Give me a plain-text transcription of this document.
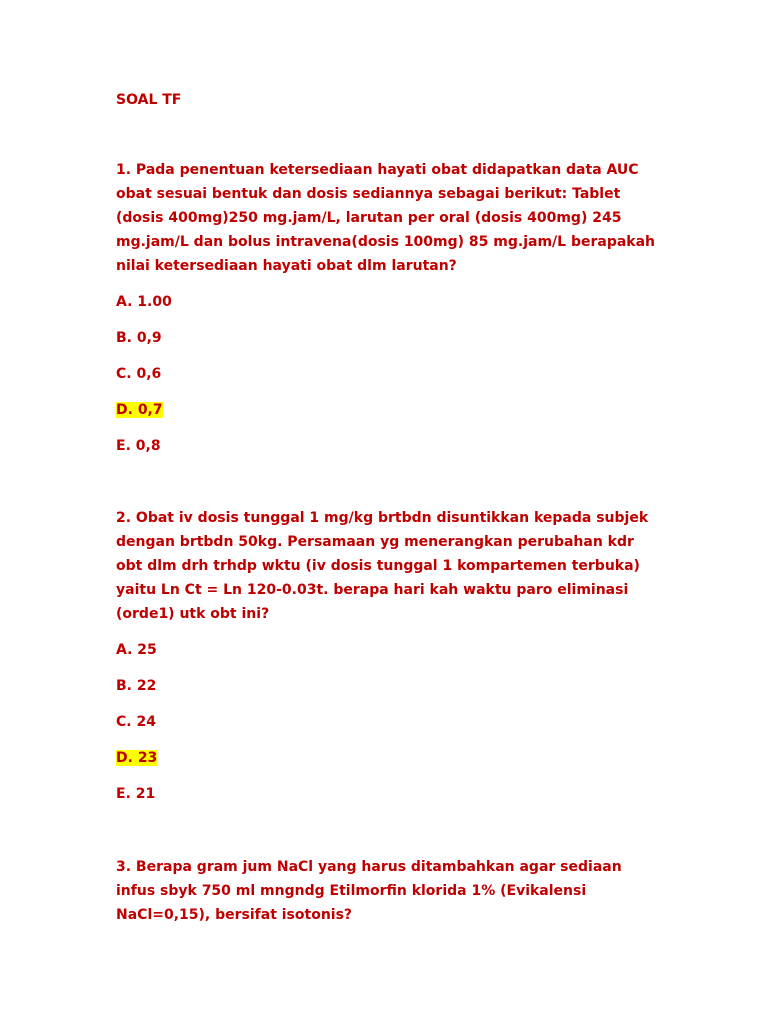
SOAL TF

1. Pada penentuan ketersediaan hayati obat didapatkan data AUC obat sesuai bentuk dan dosis sediannya sebagai berikut: Tablet (dosis 400mg)250 mg.jam/L, larutan per oral (dosis 400mg) 245 mg.jam/L dan bolus intravena(dosis 100mg) 85 mg.jam/L berapakah nilai ketersediaan hayati obat dlm larutan?

A. 1.00

B. 0,9

C. 0,6

D. 0,7

E. 0,8

2. Obat iv dosis tunggal 1 mg/kg brtbdn disuntikkan kepada subjek dengan brtbdn 50kg. Persamaan yg menerangkan perubahan kdr obt dlm drh trhdp wktu (iv dosis tunggal 1 kompartemen terbuka) yaitu Ln Ct = Ln 120-0.03t. berapa hari kah waktu paro eliminasi (orde1) utk obt ini?

A. 25

B. 22

C. 24

D. 23

E. 21

3. Berapa gram jum NaCl yang harus ditambahkan agar sediaan infus sbyk 750 ml mngndg Etilmorfin klorida 1% (Evikalensi NaCl=0,15), bersifat isotonis?
